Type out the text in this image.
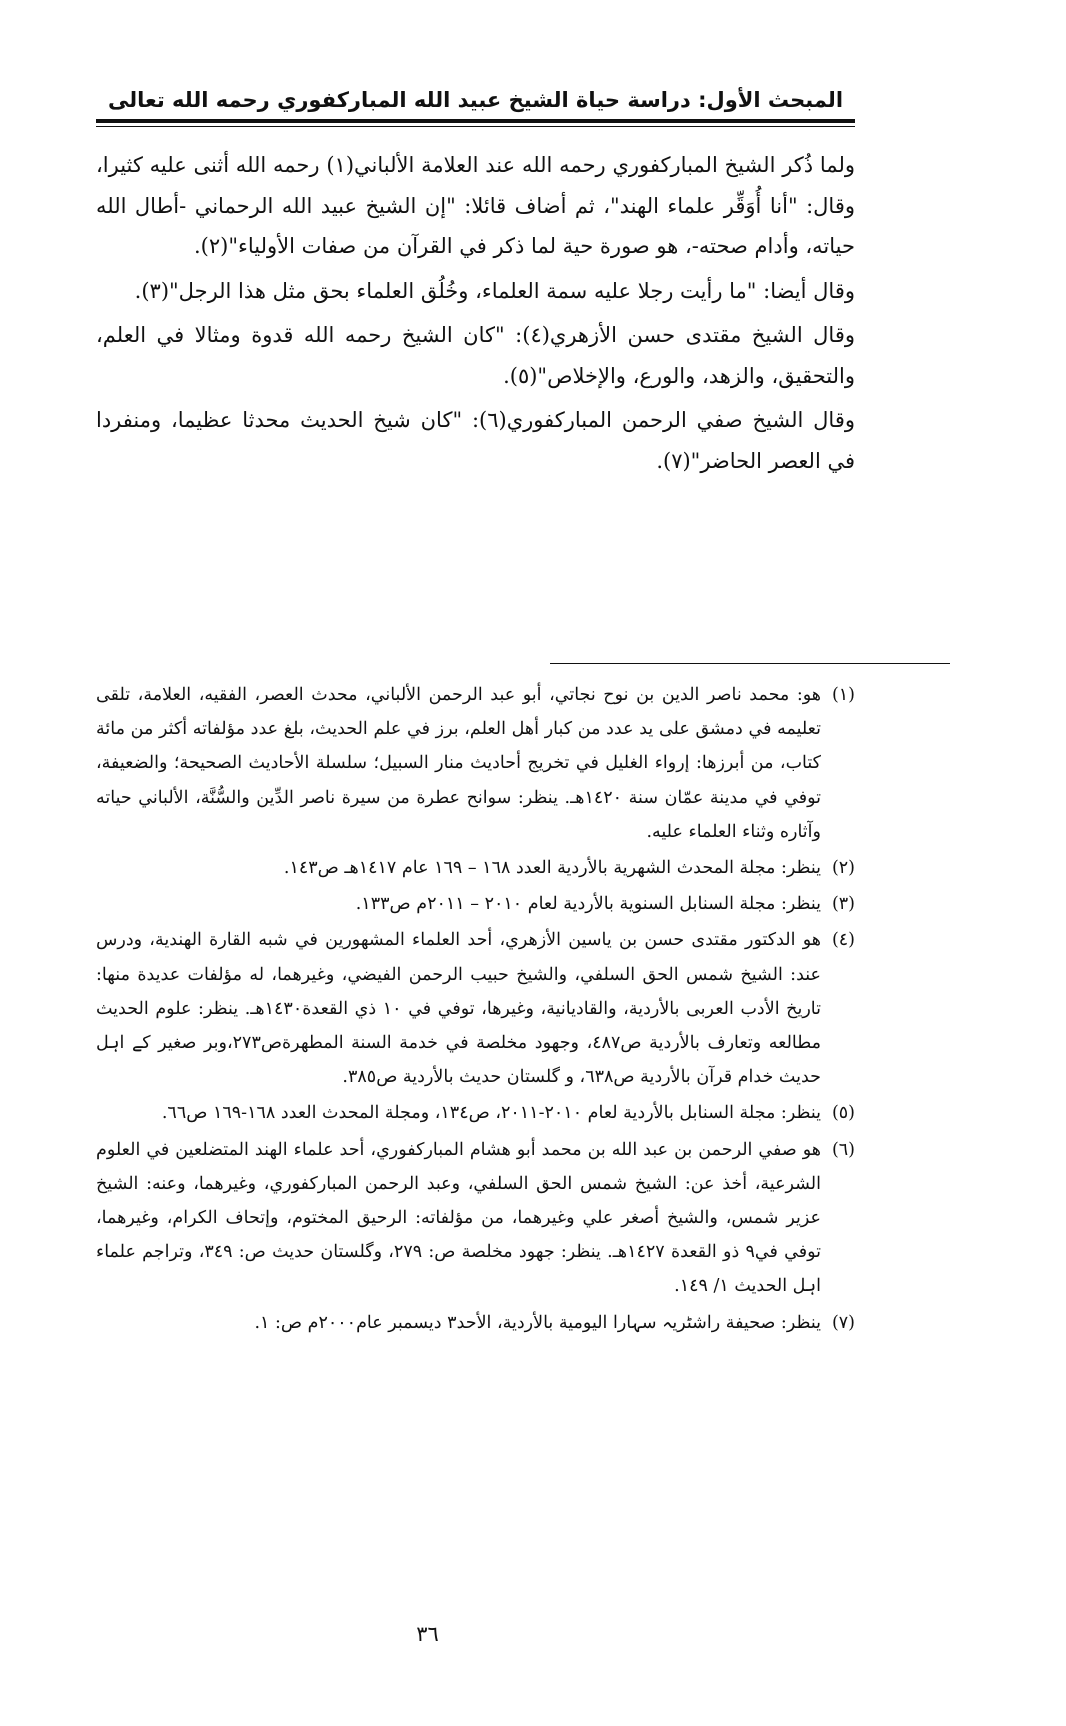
المبحث الأول: دراسة حياة الشيخ عبيد الله المباركفوري رحمه الله تعالى

ولما ذُكر الشيخ المباركفوري رحمه الله عند العلامة الألباني(١) رحمه الله أثنى عليه كثيرا، وقال: "أنا أُوَقِّر علماء الهند"، ثم أضاف قائلا: "إن الشيخ عبيد الله الرحماني -أطال الله حياته، وأدام صحته-، هو صورة حية لما ذكر في القرآن من صفات الأولياء"(٢).

وقال أيضا: "ما رأيت رجلا عليه سمة العلماء، وخُلُق العلماء بحق مثل هذا الرجل"(٣).

وقال الشيخ مقتدى حسن الأزهري(٤): "كان الشيخ رحمه الله قدوة ومثالا في العلم، والتحقيق، والزهد، والورع، والإخلاص"(٥).

وقال الشيخ صفي الرحمن المباركفوري(٦): "كان شيخ الحديث محدثا عظيما، ومنفردا في العصر الحاضر"(٧).

(١)
هو: محمد ناصر الدين بن نوح نجاتي، أبو عبد الرحمن الألباني، محدث العصر، الفقيه، العلامة، تلقى تعليمه في دمشق على يد عدد من كبار أهل العلم، برز في علم الحديث، بلغ عدد مؤلفاته أكثر من مائة كتاب، من أبرزها: إرواء الغليل في تخريج أحاديث منار السبيل؛ سلسلة الأحاديث الصحيحة؛ والضعيفة، توفي في مدينة عمّان سنة ١٤٢٠هـ. ينظر: سوانح عطرة من سيرة ناصر الدِّين والسُّنَّة، الألباني حياته وآثاره وثناء العلماء عليه.
(٢)
ينظر: مجلة المحدث الشهرية بالأردية العدد ١٦٨ – ١٦٩ عام ١٤١٧هـ ص١٤٣.
(٣)
ينظر: مجلة السنابل السنوية بالأردية لعام ٢٠١٠ – ٢٠١١م ص١٣٣.
(٤)
هو الدكتور مقتدى حسن بن ياسين الأزهري، أحد العلماء المشهورين في شبه القارة الهندية، ودرس عند: الشيخ شمس الحق السلفي، والشيخ حبيب الرحمن الفيضي، وغيرهما، له مؤلفات عديدة منها: تاریخ الأدب العربی بالأردية، والقاديانية، وغيرها، توفي في ١٠ ذي القعدة١٤٣٠هـ. ينظر: علوم الحديث مطالعه وتعارف بالأردية ص٤٨٧، وجهود مخلصة في خدمة السنة المطهرةص٢٧٣،وبر صغیر کے اہل حدیث خدام قرآن بالأردية ص٦٣٨، و گلستان حديث بالأردية ص٣٨٥.
(٥)
ينظر: مجلة السنابل بالأردية لعام ٢٠١٠-٢٠١١، ص١٣٤، ومجلة المحدث العدد ١٦٨-١٦٩ ص٦٦.
(٦)
هو صفي الرحمن بن عبد الله بن محمد أبو هشام المباركفوري، أحد علماء الهند المتضلعين في العلوم الشرعية، أخذ عن: الشيخ شمس الحق السلفي، وعبد الرحمن المباركفوري، وغيرهما، وعنه: الشيخ عزير شمس، والشيخ أصغر علي وغيرهما، من مؤلفاته: الرحيق المختوم، وإتحاف الكرام، وغيرهما، توفي في٩ ذو القعدة ١٤٢٧هـ. ينظر: جهود مخلصة ص: ٢٧٩، وگلستان حديث ص: ٣٤٩، وتراجم علماء اہل الحديث ١/ ١٤٩.
(٧)
ينظر: صحيفة راشٹريہ سہارا اليومية بالأردية، الأحد٣ ديسمبر عام٢٠٠٠م ص: ١.
٣٦
